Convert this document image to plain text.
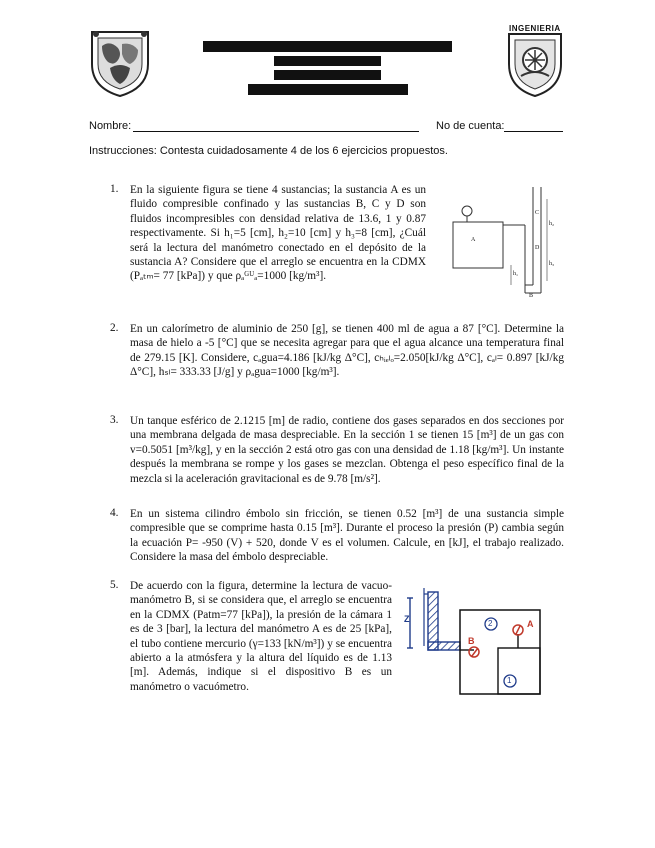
INGENIERIA
Nombre:	No de cuenta:
Instrucciones: Contesta cuidadosamente 4 de los 6 ejercicios propuestos.
1. En la siguiente figura se tiene 4 sustancias; la sustancia A es un fluido compresible confinado y las sustancias B, C y D son fluidos incompresibles con densidad relativa de 13.6, 1 y 0.87 respectivamente. Si h₁=5 [cm], h₂=10 [cm] y h₃=8 [cm], ¿Cuál será la lectura del manómetro conectado en el depósito de la sustancia A? Considere que el arreglo se encuentra en la CDMX (Pₐₜₘ= 77 [kPa]) y que ρₐᴳᵁₐ=1000 [kg/m³].
A
B
C
D
h₂
h₃
h₁
2. En un calorímetro de aluminio de 250 [g], se tienen 400 ml de agua a 87 [°C]. Determine la masa de hielo a -5 [°C] que se necesita agregar para que el agua alcance una temperatura final de 279.15 [K]. Considere, cₐgua=4.186 [kJ/kg Δ°C], cₕᵢₑₗₒ=2.050[kJ/kg Δ°C], cₐₗ= 0.897 [kJ/kg Δ°C], hₛₗ= 333.33 [J/g] y ρₐgua=1000 [kg/m³].
3. Un tanque esférico de 2.1215 [m] de radio, contiene dos gases separados en dos secciones por una membrana delgada de masa despreciable. En la sección 1 se tienen 15 [m³] de un gas con v=0.5051 [m³/kg], y en la sección 2 está otro gas con una densidad de 1.18 [kg/m³]. Un instante después la membrana se rompe y los gases se mezclan. Obtenga el peso específico final de la mezcla si la aceleración gravitacional es de 9.78 [m/s²].
4. En un sistema cilindro émbolo sin fricción, se tienen 0.52 [m³] de una sustancia simple compresible que se comprime hasta 0.15 [m³]. Durante el proceso la presión (P) cambia según la ecuación P= -950 (V) + 520, donde V es el volumen. Calcule, en [kJ], el trabajo realizado. Considere la masa del émbolo despreciable.
5. De acuerdo con la figura, determine la lectura de vacuo-manómetro B, si se considera que, el arreglo se encuentra en la CDMX (Patm=77 [kPa]), la presión de la cámara 1 es de 3 [bar], la lectura del manómetro A es de 25 [kPa], el tubo contiene mercurio (γ=133 [kN/m³]) y se encuentra abierto a la atmósfera y la altura del líquido es de 1.13 [m]. Además, indique si el dispositivo B es un manómetro o vacuómetro.
Z
B
A
2
1
